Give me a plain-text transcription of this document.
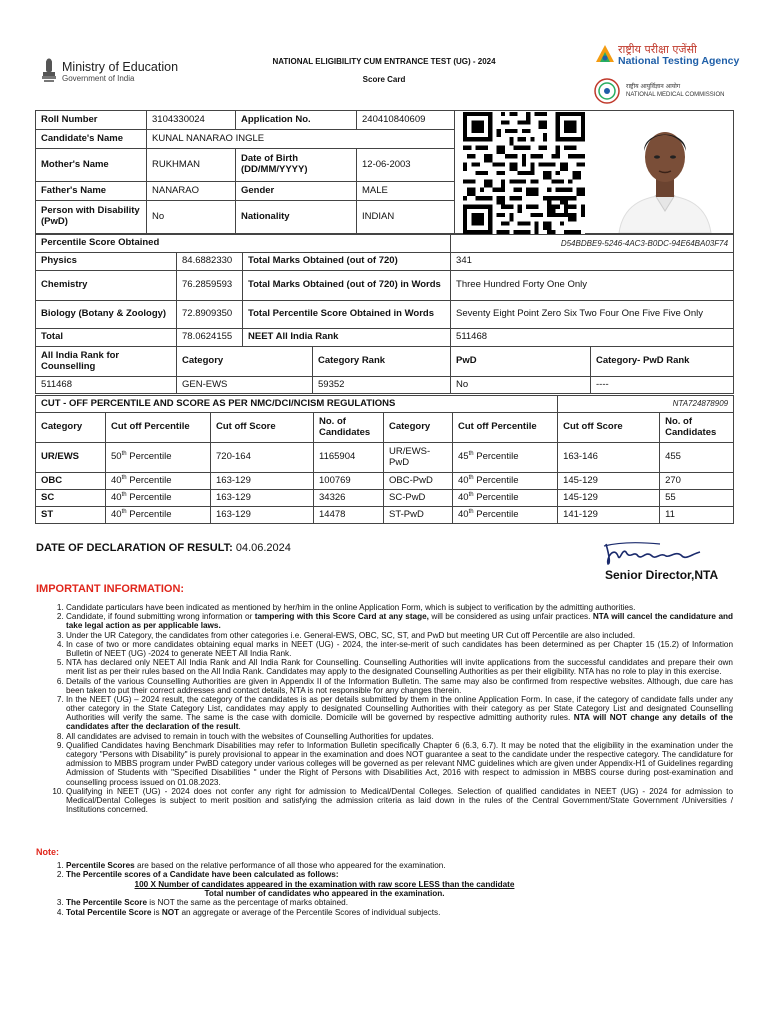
Ministry of Education
Government of India
NATIONAL ELIGIBILITY CUM ENTRANCE TEST (UG) - 2024
Score Card
राष्ट्रीय परीक्षा एजेंसी
National Testing Agency
राष्ट्रीय आयुर्विज्ञान आयोग
NATIONAL MEDICAL COMMISSION
Roll Number	3104330024	Application No.	240410840609	
Candidate's Name	KUNAL NANARAO INGLE			
Mother's Name	RUKHMAN	Date of Birth (DD/MM/YYYY)	12-06-2003	
Father's Name	NANARAO	Gender	MALE	
Person with Disability (PwD)	No	Nationality	INDIAN	

Percentile Score Obtained			D54BDBE9-5246-4AC3-B0DC-94E64BA03F74
Physics	84.6882330	Total Marks Obtained (out of 720)	341
Chemistry	76.2859593	Total Marks Obtained (out of 720) in Words	Three Hundred Forty One Only
Biology (Botany & Zoology)	72.8909350	Total Percentile Score Obtained in Words	Seventy Eight Point Zero Six Two Four One Five Five Only
Total	78.0624155	NEET All India Rank	511468
All India Rank for Counselling	Category	Category Rank	PwD	Category- PwD Rank
511468	GEN-EWS	59352	No	----
CUT - OFF PERCENTILE AND SCORE AS PER NMC/DCI/NCISM REGULATIONS						NTA724878909	
Category	Cut off Percentile	Cut off Score	No. of Candidates	Category	Cut off Percentile	Cut off Score	No. of Candidates
UR/EWS	50th Percentile	720-164	1165904	UR/EWS-PwD	45th Percentile	163-146	455
OBC	40th Percentile	163-129	100769	OBC-PwD	40th Percentile	145-129	270
SC	40th Percentile	163-129	34326	SC-PwD	40th Percentile	145-129	55
ST	40th Percentile	163-129	14478	ST-PwD	40th Percentile	141-129	11
DATE OF DECLARATION OF RESULT: 04.06.2024
Senior Director,NTA
IMPORTANT INFORMATION:
1. Candidate particulars have been indicated as mentioned by her/him in the online Application Form, which is subject to verification by the admitting authorities.
2. Candidate, if found submitting wrong information or tampering with this Score Card at any stage, will be considered as using unfair practices. NTA will cancel the candidature and take legal action as per applicable laws.
3. Under the UR Category, the candidates from other categories i.e. General-EWS, OBC, SC, ST, and PwD but meeting UR Cut off Percentile are also included.
4. In case of two or more candidates obtaining equal marks in NEET (UG) - 2024, the inter-se-merit of such candidates has been determined as per Chapter 15 (15.2) of Information Bulletin of NEET (UG) -2024 to generate NEET All India Rank.
5. NTA has declared only NEET All India Rank and All India Rank for Counselling. Counselling Authorities will invite applications from the successful candidates and prepare their own merit list as per their rules based on the All India Rank. Candidates may apply to the designated Counselling Authorities as per their eligibility. NTA has no role to play in this exercise.
6. Details of the various Counselling Authorities are given in Appendix II of the Information Bulletin. The same may also be confirmed from respective websites. Although, due care has been taken to put their correct addresses and contact details, NTA is not responsible for any changes therein.
7. In the NEET (UG) – 2024 result, the category of the candidates is as per details submitted by them in the online Application Form. In case, if the category of candidate falls under any other category in the State Category List, candidates may apply to designated Counselling Authorities with their category as per State Category List and designated Counselling Authorities will verify the same. The same is the case with domicile. Domicile will be governed by respective admitting authority rules. NTA will NOT change any details of the candidates after the declaration of the result.
8. All candidates are advised to remain in touch with the websites of Counselling Authorities for updates.
9. Qualified Candidates having Benchmark Disabilities may refer to Information Bulletin specifically Chapter 6 (6.3, 6.7). It may be noted that the eligibility in the examination under the category "Persons with Disability" is purely provisional to appear in the examination and does NOT guarantee a seat to the candidate under the respective category. The candidature for admission to MBBS program under PwBD category under various colleges will be governed as per relevant NMC guidelines which are given under Appendix-H1 of Guidelines regarding Admission of Students with "Specified Disabilities " under the Right of Persons with Disabilities Act, 2016 with respect to admission in MBBS course during post-examination and counselling process issued on 01.08.2023.
10. Qualifying in NEET (UG) - 2024 does not confer any right for admission to Medical/Dental Colleges. Selection of qualified candidates in NEET (UG) - 2024 for admission to Medical/Dental Colleges is subject to merit position and satisfying the admission criteria as laid down in the rules of the Central Government/State Government /Universities / Institutions concerned.
Note:
1. Percentile Scores are based on the relative performance of all those who appeared for the examination.
2. The Percentile scores of a Candidate have been calculated as follows:
100 X Number of candidates appeared in the examination with raw score LESS than the candidate
Total number of candidates who appeared in the examination.
3. The Percentile Score is NOT the same as the percentage of marks obtained.
4. Total Percentile Score is NOT an aggregate or average of the Percentile Scores of individual subjects.
